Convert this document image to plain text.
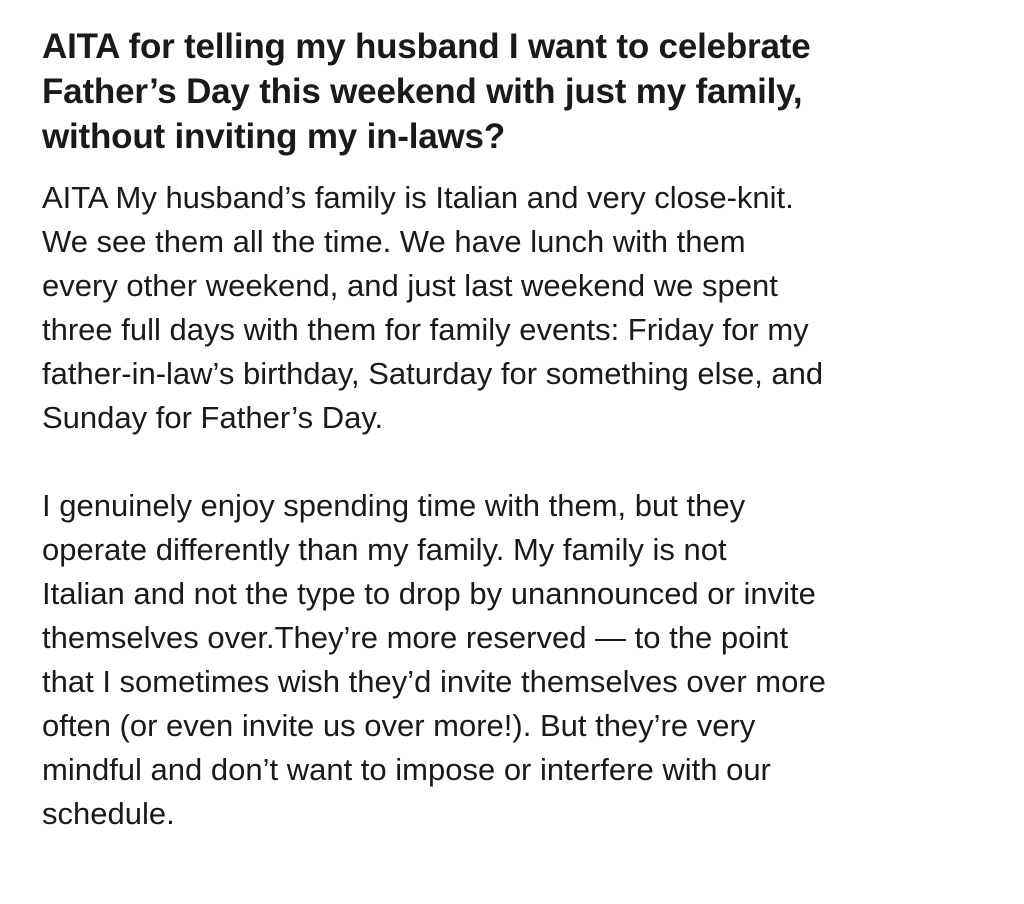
AITA for telling my husband I want to celebrate
Father’s Day this weekend with just my family,
without inviting my in-laws?

AITA My husband’s family is Italian and very close-knit.
We see them all the time. We have lunch with them
every other weekend, and just last weekend we spent
three full days with them for family events: Friday for my
father-in-law’s birthday, Saturday for something else, and
Sunday for Father’s Day.

I genuinely enjoy spending time with them, but they
operate differently than my family. My family is not
Italian and not the type to drop by unannounced or invite
themselves over.They’re more reserved — to the point
that I sometimes wish they’d invite themselves over more
often (or even invite us over more!). But they’re very
mindful and don’t want to impose or interfere with our
schedule.
